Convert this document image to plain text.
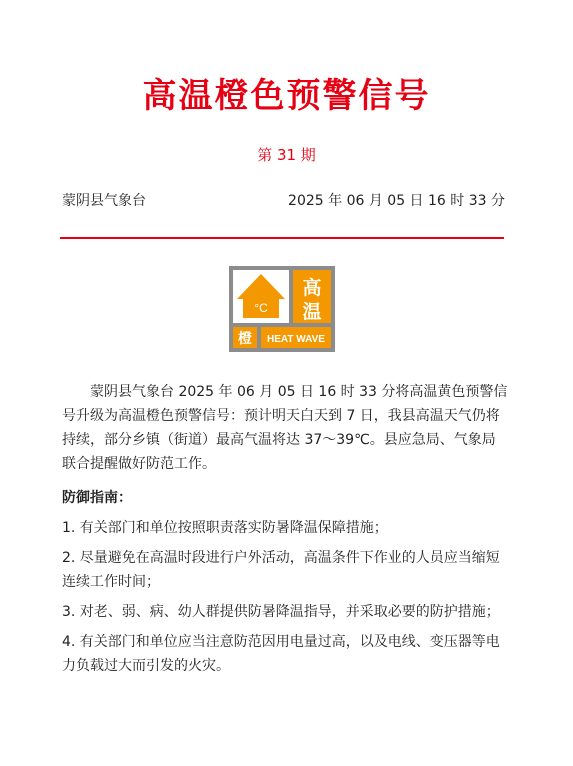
高温橙色预警信号
第 31 期
蒙阴县气象台	2025 年 06 月 05 日 16 时 33 分
°C
高
温
橙 HEAT WAVE

蒙阴县气象台 2025 年 06 月 05 日 16 时 33 分将高温黄色预警信号升级为高温橙色预警信号：预计明天白天到 7 日，我县高温天气仍将持续，部分乡镇（街道）最高气温将达 37～39℃。县应急局、气象局联合提醒做好防范工作。

防御指南：

1. 有关部门和单位按照职责落实防暑降温保障措施；

2. 尽量避免在高温时段进行户外活动，高温条件下作业的人员应当缩短连续工作时间；

3. 对老、弱、病、幼人群提供防暑降温指导，并采取必要的防护措施；

4. 有关部门和单位应当注意防范因用电量过高，以及电线、变压器等电力负载过大而引发的火灾。
